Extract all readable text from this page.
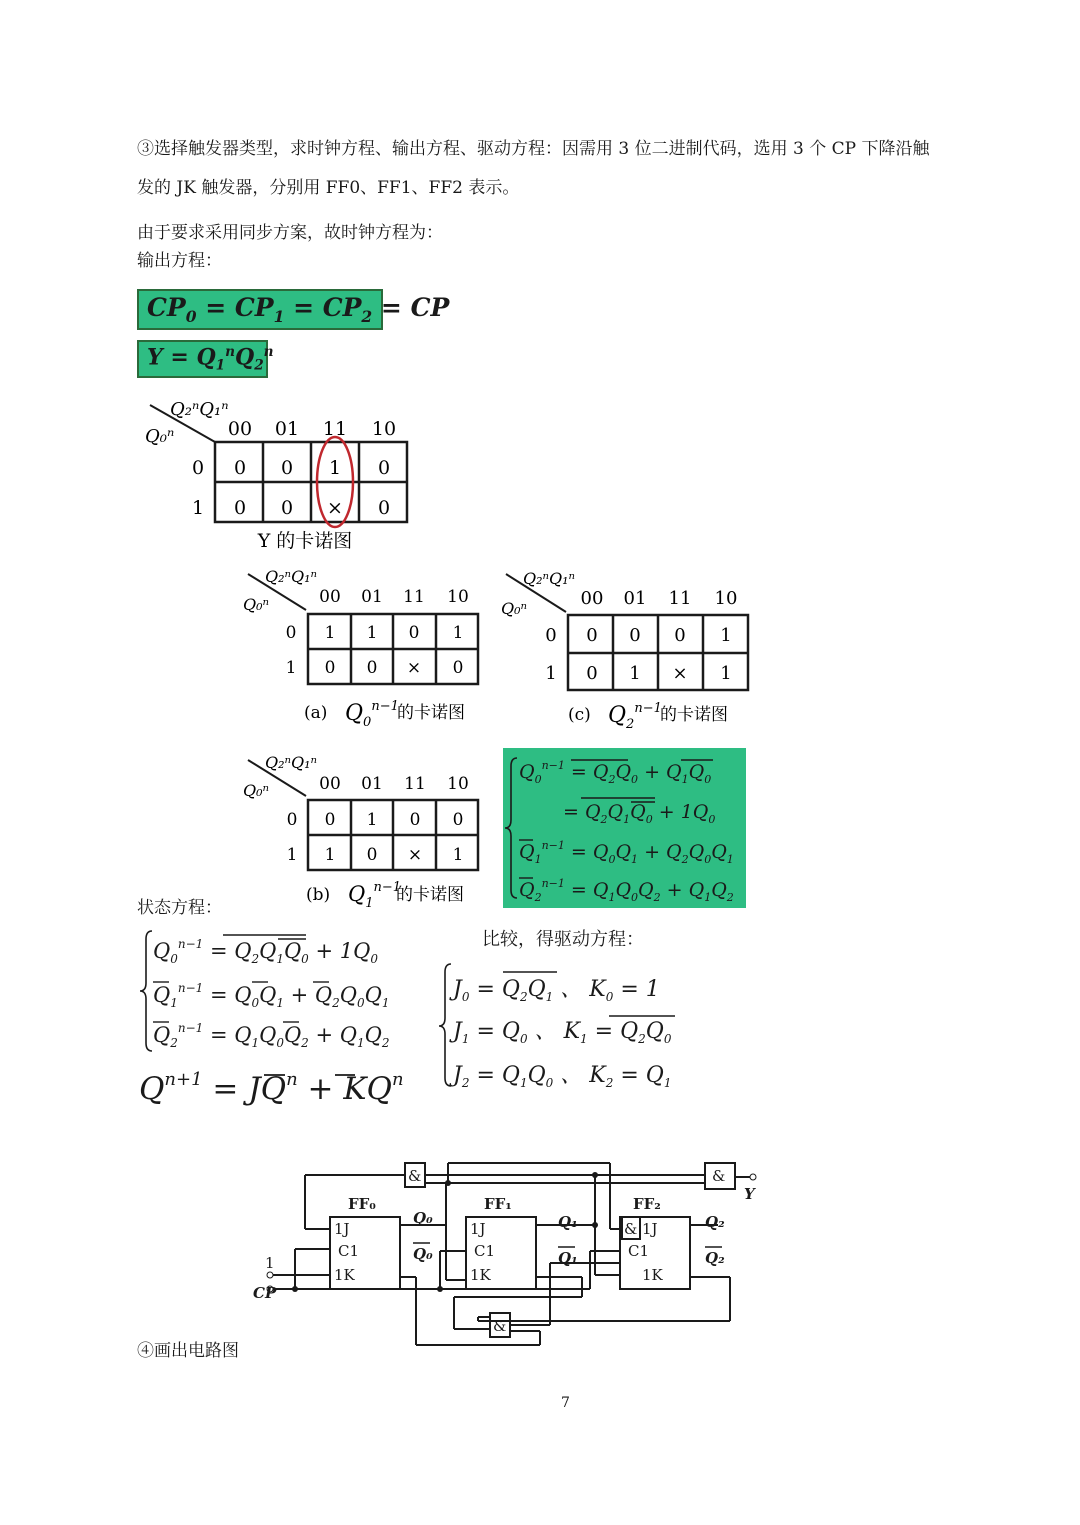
③选择触发器类型，求时钟方程、输出方程、驱动方程：因需用 3 位二进制代码，选用 3 个 CP 下降沿触
发的 JK 触发器，分别用 FF0、FF1、FF2 表示。
由于要求采用同步方案，故时钟方程为：
输出方程：
$CP_0 = CP_1 = CP_2$ = CP
$Y = Q_1^nQ_2^n$
Q₂ⁿQ₁ⁿ
Q₀ⁿ	00 01 11 10
0
1
0 0 1 0
0 0 × 0
Y 的卡诺图
Q₂ⁿQ₁ⁿ
Q₀ⁿ	00 01 11 10
0
1
1 1 0 1
0 0 × 0
(a) $Q_0^{n-1}$
的卡诺图
Q₂ⁿQ₁ⁿ
Q₀ⁿ	00 01 11 10
0
1
0 0 0 1
0 1 × 1
(c) $Q_2^{n-1}$
的卡诺图
Q₂ⁿQ₁ⁿ
Q₀ⁿ	00 01 11 10
0
1
0 1 0 0
1 0 × 1
(b) $Q_1^{n-1}$
的卡诺图
$Q_0^{n-1} = Q_2Q_0 + Q_1Q_0$
= $Q_2Q_1Q_0 + 1Q_0$
$Q_1^{n-1} = Q_0Q_1 + Q_2Q_0Q_1$
$Q_2^{n-1} = Q_1Q_0Q_2 + Q_1Q_2$
状态方程：
$Q_0^{n-1} = Q_2Q_1Q_0 + 1Q_0$
$Q_1^{n-1} = Q_0Q_1 + Q_2Q_0Q_1$
$Q_2^{n-1} = Q_1Q_0Q_2 + Q_1Q_2$
$Q^{n+1} = JQ^n + KQ^n$
比较，得驱动方程：
$J_0 = Q_2Q_1$ 、 $K_0 = 1$
$J_1 = Q_0$ 、 $K_1 = Q_2Q_0$
$J_2 = Q_1Q_0$ 、 $K_2 = Q_1$
FF₀	FF₁	FF₂
1J
C1
1K
1J
C1
1K
1J
C1
1K
&	&
&
&
Q₀
Q₀
Q₁
Q₁
Q₂
Q₂
Y
1
CP
④画出电路图
7
